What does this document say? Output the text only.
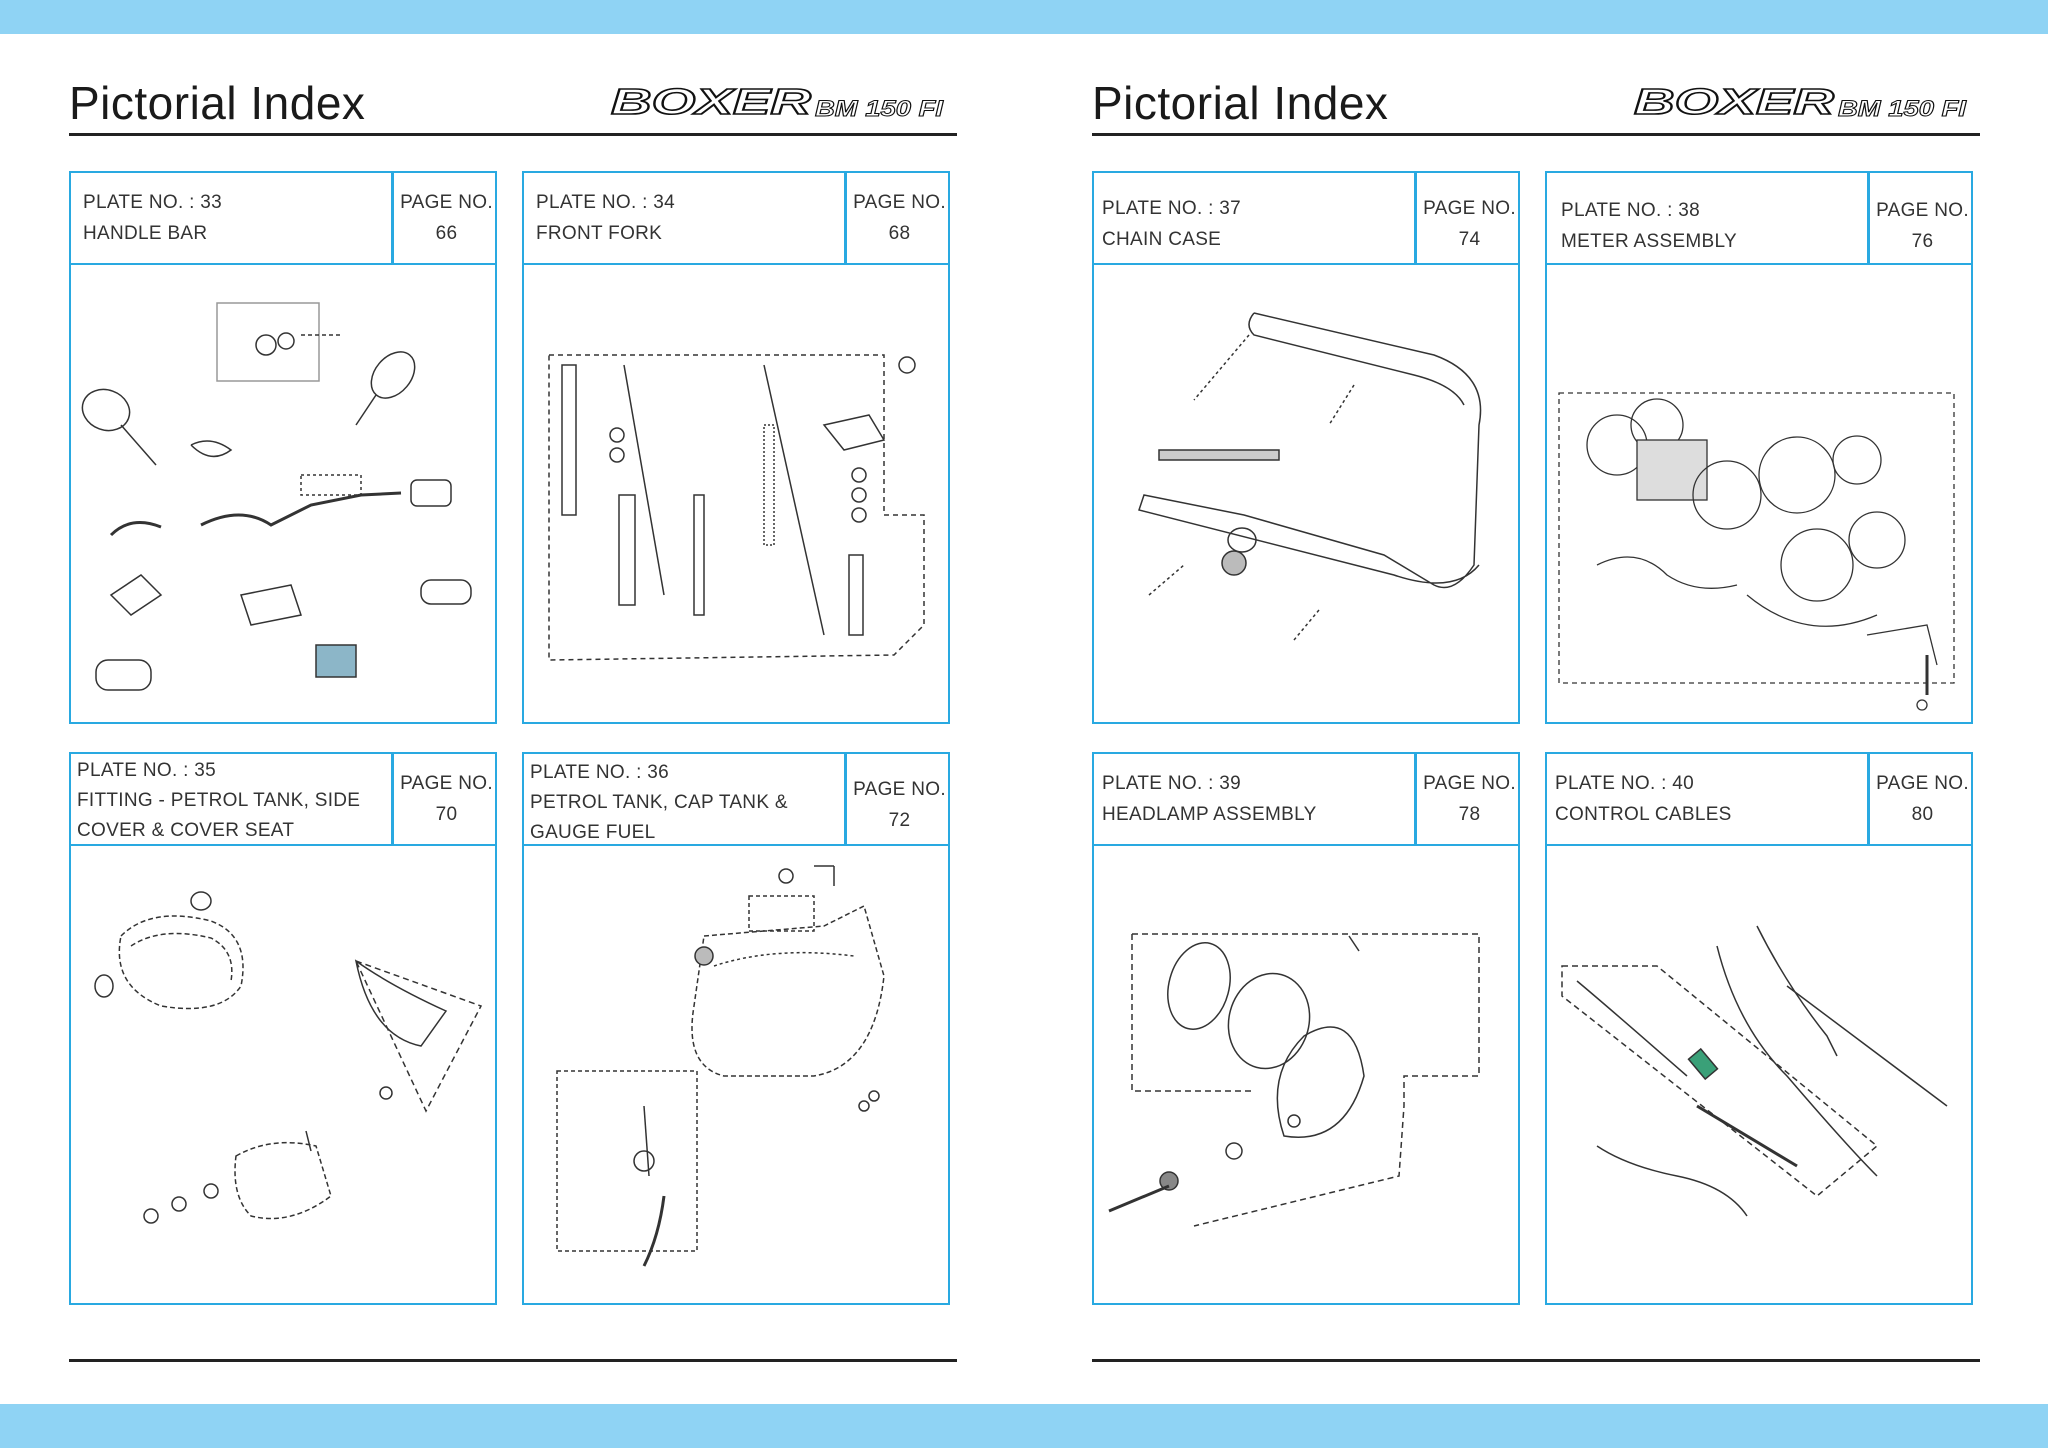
Pictorial Index	BOXER BM 150 FI
PLATE NO. : 33
HANDLE BAR
PAGE NO.
66
PLATE NO. : 34
FRONT FORK
PAGE NO.
68
PLATE NO. : 35
FITTING - PETROL TANK, SIDE
COVER & COVER SEAT
PAGE NO.
70
PLATE NO. : 36
PETROL TANK, CAP TANK &
GAUGE FUEL
PAGE NO.
72
Pictorial Index	BOXER BM 150 FI
PLATE NO. : 37
CHAIN CASE
PAGE NO.
74
PLATE NO. : 38
METER ASSEMBLY
PAGE NO.
76
PLATE NO. : 39
HEADLAMP ASSEMBLY
PAGE NO.
78
PLATE NO. : 40
CONTROL CABLES
PAGE NO.
80
